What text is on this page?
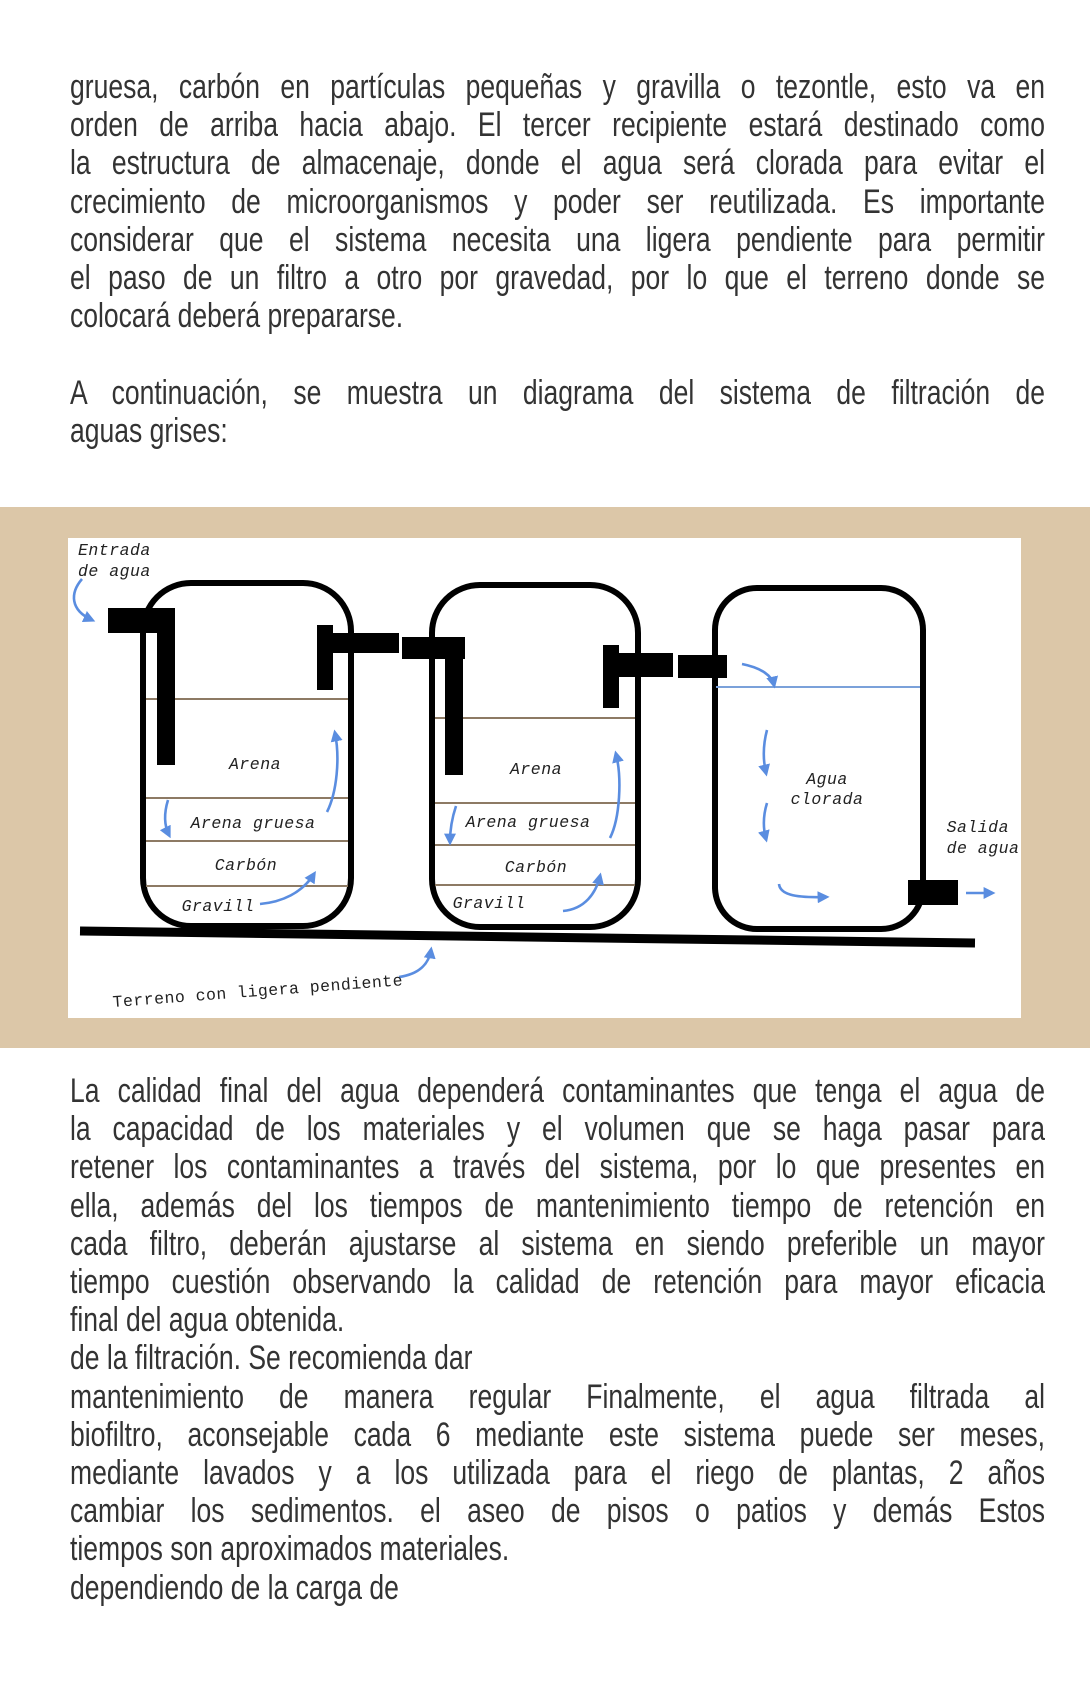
gruesa, carbón en partículas pequeñas y gravilla o tezontle, esto va en
orden de arriba hacia abajo. El tercer recipiente estará destinado como
la estructura de almacenaje, donde el agua será clorada para evitar el
crecimiento de microorganismos y poder ser reutilizada. Es importante
considerar que el sistema necesita una ligera pendiente para permitir
el paso de un filtro a otro por gravedad, por lo que el terreno donde se
colocará deberá prepararse.
A continuación, se muestra un diagrama del sistema de filtración de
aguas grises:
Arena
Arena gruesa
Carbón
Gravill
Arena
Arena gruesa
Carbón
Gravill
Agua
clorada
Entrada de agua
Salida de agua
Terreno con ligera pendiente
La calidad final del agua dependerá contaminantes que tenga el agua de
la capacidad de los materiales y el volumen que se haga pasar para
retener los contaminantes a través del sistema, por lo que presentes en
ella, además del los tiempos de mantenimiento tiempo de retención en
cada filtro, deberán ajustarse al sistema en siendo preferible un mayor
tiempo cuestión observando la calidad de retención para mayor eficacia
final del agua obtenida.
de la filtración. Se recomienda dar
mantenimiento de manera regular Finalmente, el agua filtrada al
biofiltro, aconsejable cada 6 mediante este sistema puede ser meses,
mediante lavados y a los utilizada para el riego de plantas, 2 años
cambiar los sedimentos. el aseo de pisos o patios y demás Estos
tiempos son aproximados materiales.
dependiendo de la carga de
